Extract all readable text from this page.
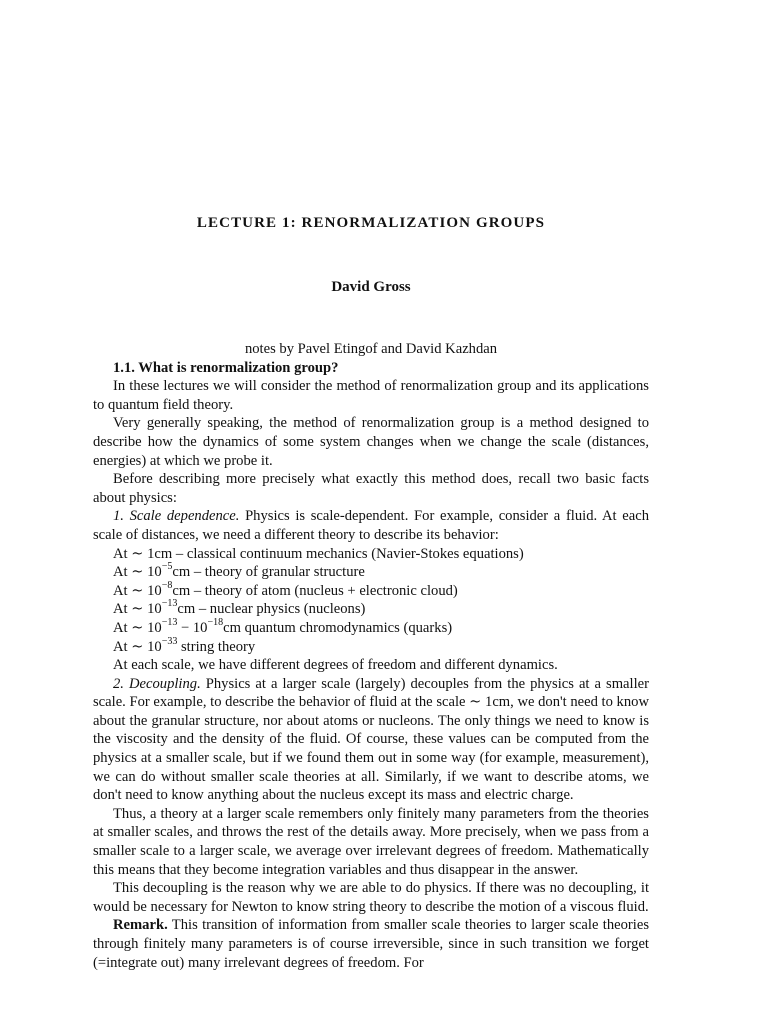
LECTURE 1: RENORMALIZATION GROUPS
David Gross
notes by Pavel Etingof and David Kazhdan
1.1. What is renormalization group?

In these lectures we will consider the method of renormalization group and its applications to quantum field theory.

Very generally speaking, the method of renormalization group is a method designed to describe how the dynamics of some system changes when we change the scale (distances, energies) at which we probe it.

Before describing more precisely what exactly this method does, recall two basic facts about physics:

1. Scale dependence. Physics is scale-dependent. For example, consider a fluid. At each scale of distances, we need a different theory to describe its behavior:

At ∼ 1cm – classical continuum mechanics (Navier-Stokes equations)
At ∼ $10^{-5}cm$ – theory of granular structure
At ∼ $10^{-8}cm$ – theory of atom (nucleus + electronic cloud)
At ∼ $10^{-13}cm$ – nuclear physics (nucleons)
At ∼ $10^{-13} - 10^{-18}cm$ quantum chromodynamics (quarks)
At ∼ $10^{-33}$ string theory

At each scale, we have different degrees of freedom and different dynamics.

2. Decoupling. Physics at a larger scale (largely) decouples from the physics at a smaller scale. For example, to describe the behavior of fluid at the scale ∼ 1cm, we don't need to know about the granular structure, nor about atoms or nucleons. The only things we need to know is the viscosity and the density of the fluid. Of course, these values can be computed from the physics at a smaller scale, but if we found them out in some way (for example, measurement), we can do without smaller scale theories at all. Similarly, if we want to describe atoms, we don't need to know anything about the nucleus except its mass and electric charge.

Thus, a theory at a larger scale remembers only finitely many parameters from the theories at smaller scales, and throws the rest of the details away. More precisely, when we pass from a smaller scale to a larger scale, we average over irrelevant degrees of freedom. Mathematically this means that they become integration variables and thus disappear in the answer.

This decoupling is the reason why we are able to do physics. If there was no decoupling, it would be necessary for Newton to know string theory to describe the motion of a viscous fluid.

Remark. This transition of information from smaller scale theories to larger scale theories through finitely many parameters is of course irreversible, since in such transition we forget (=integrate out) many irrelevant degrees of freedom. For
